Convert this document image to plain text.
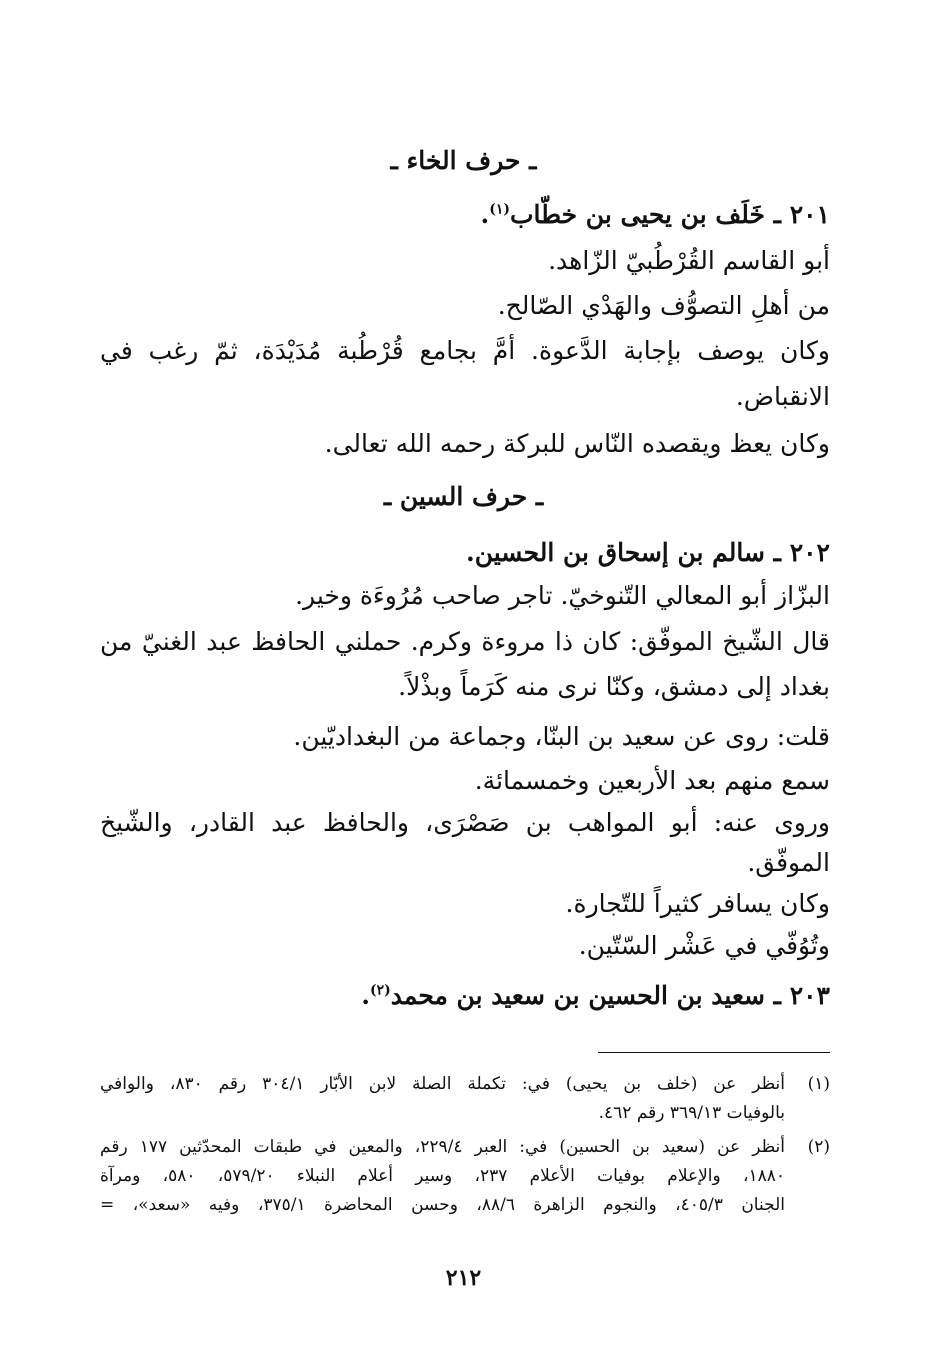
ـ حرف الخاء ـ
٢٠١ ـ خَلَف بن يحيى بن خطّاب$^{(١)}$.
أبو القاسم القُرْطُبيّ الزّاهد.
من أهلِ التصوُّف والهَدْي الصّالح.
وكان يوصف بإجابة الدَّعوة. أمَّ بجامع قُرْطُبة مُدَيْدَة، ثمّ رغب في
الانقباض.
وكان يعظ ويقصده النّاس للبركة رحمه الله تعالى.
ـ حرف السين ـ
٢٠٢ ـ سالم بن إسحاق بن الحسين.
البزّاز أبو المعالي التّنوخيّ. تاجر صاحب مُرُوءَة وخير.
قال الشّيخ الموفّق: كان ذا مروءة وكرم. حملني الحافظ عبد الغنيّ من
بغداد إلى دمشق، وكنّا نرى منه كَرَماً وبذْلاً.
قلت: روى عن سعيد بن البنّا، وجماعة من البغداديّين.
سمع منهم بعد الأربعين وخمسمائة.
وروى عنه: أبو المواهب بن صَصْرَى، والحافظ عبد القادر، والشّيخ
الموفّق.
وكان يسافر كثيراً للتّجارة.
وتُوُفّي في عَشْر السّتّين.
٢٠٣ ـ سعيد بن الحسين بن سعيد بن محمد$^{(٢)}$.
(١)
أنظر عن (خلف بن يحيى) في: تكملة الصلة لابن الأبّار ٣٠٤/١ رقم ٨٣٠، والوافي
بالوفيات ٣٦٩/١٣ رقم ٤٦٢.
(٢)
أنظر عن (سعيد بن الحسين) في: العبر ٢٢٩/٤، والمعين في طبقات المحدّثين ١٧٧ رقم
١٨٨٠، والإعلام بوفيات الأعلام ٢٣٧، وسير أعلام النبلاء ٥٧٩/٢٠، ٥٨٠، ومرآة
الجنان ٤٠٥/٣، والنجوم الزاهرة ٨٨/٦، وحسن المحاضرة ٣٧٥/١، وفيه «سعد»، =
٢١٢
